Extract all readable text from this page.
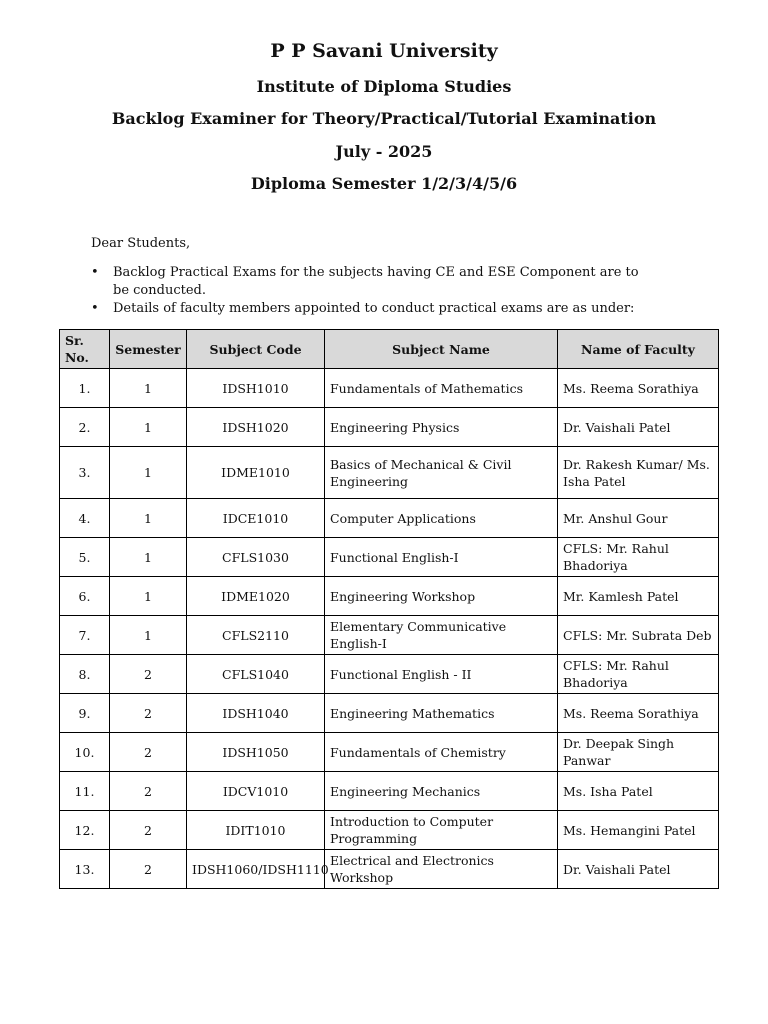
P P Savani University
Institute of Diploma Studies
Backlog Examiner for Theory/Practical/Tutorial Examination
July - 2025
Diploma Semester 1/2/3/4/5/6
Dear Students,
• Backlog Practical Exams for the subjects having CE and ESE Component are to be conducted.
• Details of faculty members appointed to conduct practical exams are as under:
Sr. No.	Semester	Subject Code	Subject Name	Name of Faculty
1.	1	IDSH1010	Fundamentals of Mathematics	Ms. Reema Sorathiya
2.	1	IDSH1020	Engineering Physics	Dr. Vaishali Patel
3.	1	IDME1010	Basics of Mechanical & Civil Engineering	Dr. Rakesh Kumar/ Ms. Isha Patel
4.	1	IDCE1010	Computer Applications	Mr. Anshul Gour
5.	1	CFLS1030	Functional English-I	CFLS: Mr. Rahul Bhadoriya
6.	1	IDME1020	Engineering Workshop	Mr. Kamlesh Patel
7.	1	CFLS2110	Elementary Communicative English-I	CFLS: Mr. Subrata Deb
8.	2	CFLS1040	Functional English - II	CFLS: Mr. Rahul Bhadoriya
9.	2	IDSH1040	Engineering Mathematics	Ms. Reema Sorathiya
10.	2	IDSH1050	Fundamentals of Chemistry	Dr. Deepak Singh Panwar
11.	2	IDCV1010	Engineering Mechanics	Ms. Isha Patel
12.	2	IDIT1010	Introduction to Computer Programming	Ms. Hemangini Patel
13.	2	IDSH1060/IDSH1110	Electrical and Electronics Workshop	Dr. Vaishali Patel
